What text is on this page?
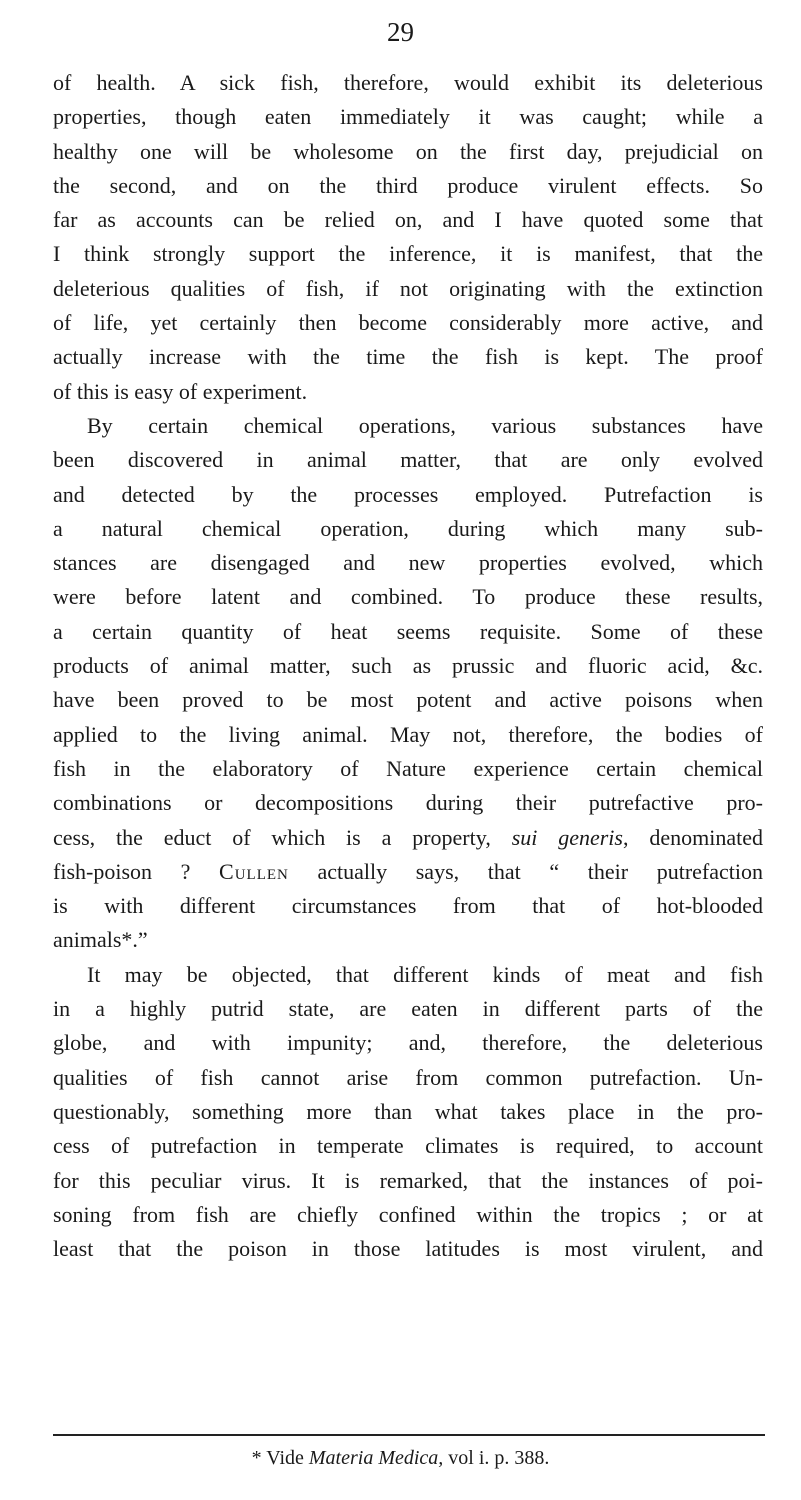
29
of health. A sick fish, therefore, would exhibit its deleterious
properties, though eaten immediately it was caught; while a
healthy one will be wholesome on the first day, prejudicial on
the second, and on the third produce virulent effects. So
far as accounts can be relied on, and I have quoted some that
I think strongly support the inference, it is manifest, that the
deleterious qualities of fish, if not originating with the extinction
of life, yet certainly then become considerably more active, and
actually increase with the time the fish is kept. The proof
of this is easy of experiment.
By certain chemical operations, various substances have
been discovered in animal matter, that are only evolved
and detected by the processes employed. Putrefaction is
a natural chemical operation, during which many sub-
stances are disengaged and new properties evolved, which
were before latent and combined. To produce these results,
a certain quantity of heat seems requisite. Some of these
products of animal matter, such as prussic and fluoric acid, &c.
have been proved to be most potent and active poisons when
applied to the living animal. May not, therefore, the bodies of
fish in the elaboratory of Nature experience certain chemical
combinations or decompositions during their putrefactive pro-
cess, the educt of which is a property, sui generis, denominated
fish-poison ? Cullen actually says, that “ their putrefaction
is with different circumstances from that of hot-blooded
animals*.”
It may be objected, that different kinds of meat and fish
in a highly putrid state, are eaten in different parts of the
globe, and with impunity; and, therefore, the deleterious
qualities of fish cannot arise from common putrefaction. Un-
questionably, something more than what takes place in the pro-
cess of putrefaction in temperate climates is required, to account
for this peculiar virus. It is remarked, that the instances of poi-
soning from fish are chiefly confined within the tropics ; or at
least that the poison in those latitudes is most virulent, and
* Vide Materia Medica, vol i. p. 388.
